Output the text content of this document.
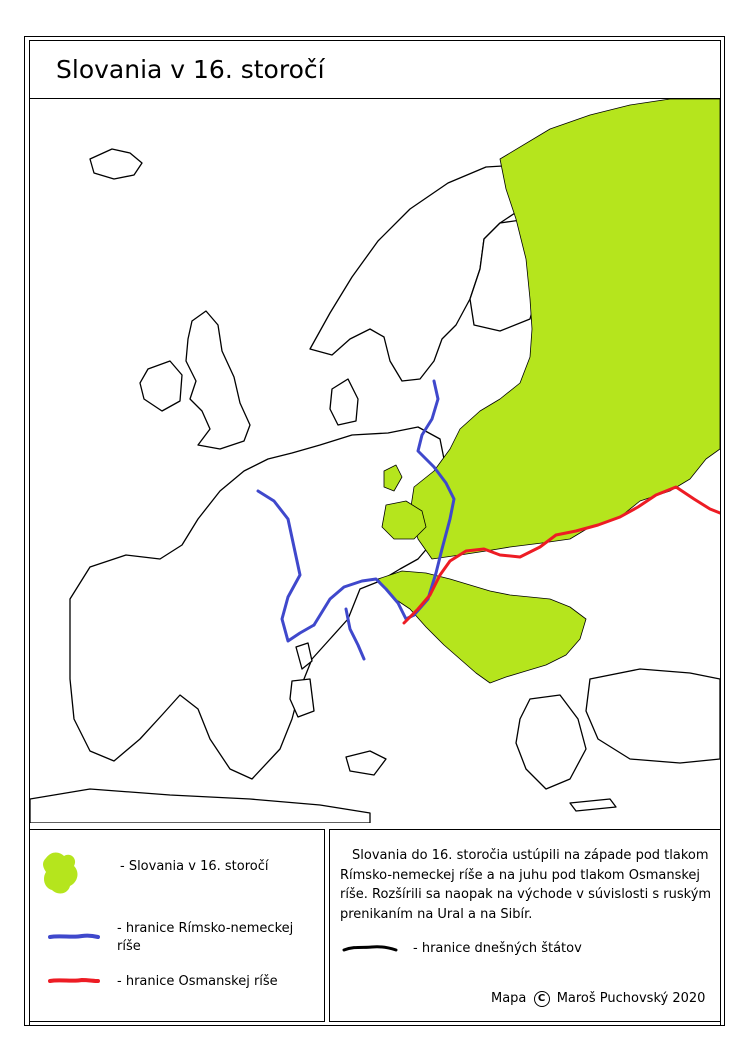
Slovania v 16. storočí
- Slovania v 16. storočí
- hranice Rímsko-nemeckej
ríše
- hranice Osmanskej ríše
- hranice dnešných štátov

Slovania do 16. storočia ustúpili na západe pod tlakom Rímsko-nemeckej ríše a na juhu pod tlakom Osmanskej ríše. Rozšírili sa naopak na východe v súvislosti s ruským prenikaním na Ural a na Sibír.

Mapa C Maroš Puchovský 2020
